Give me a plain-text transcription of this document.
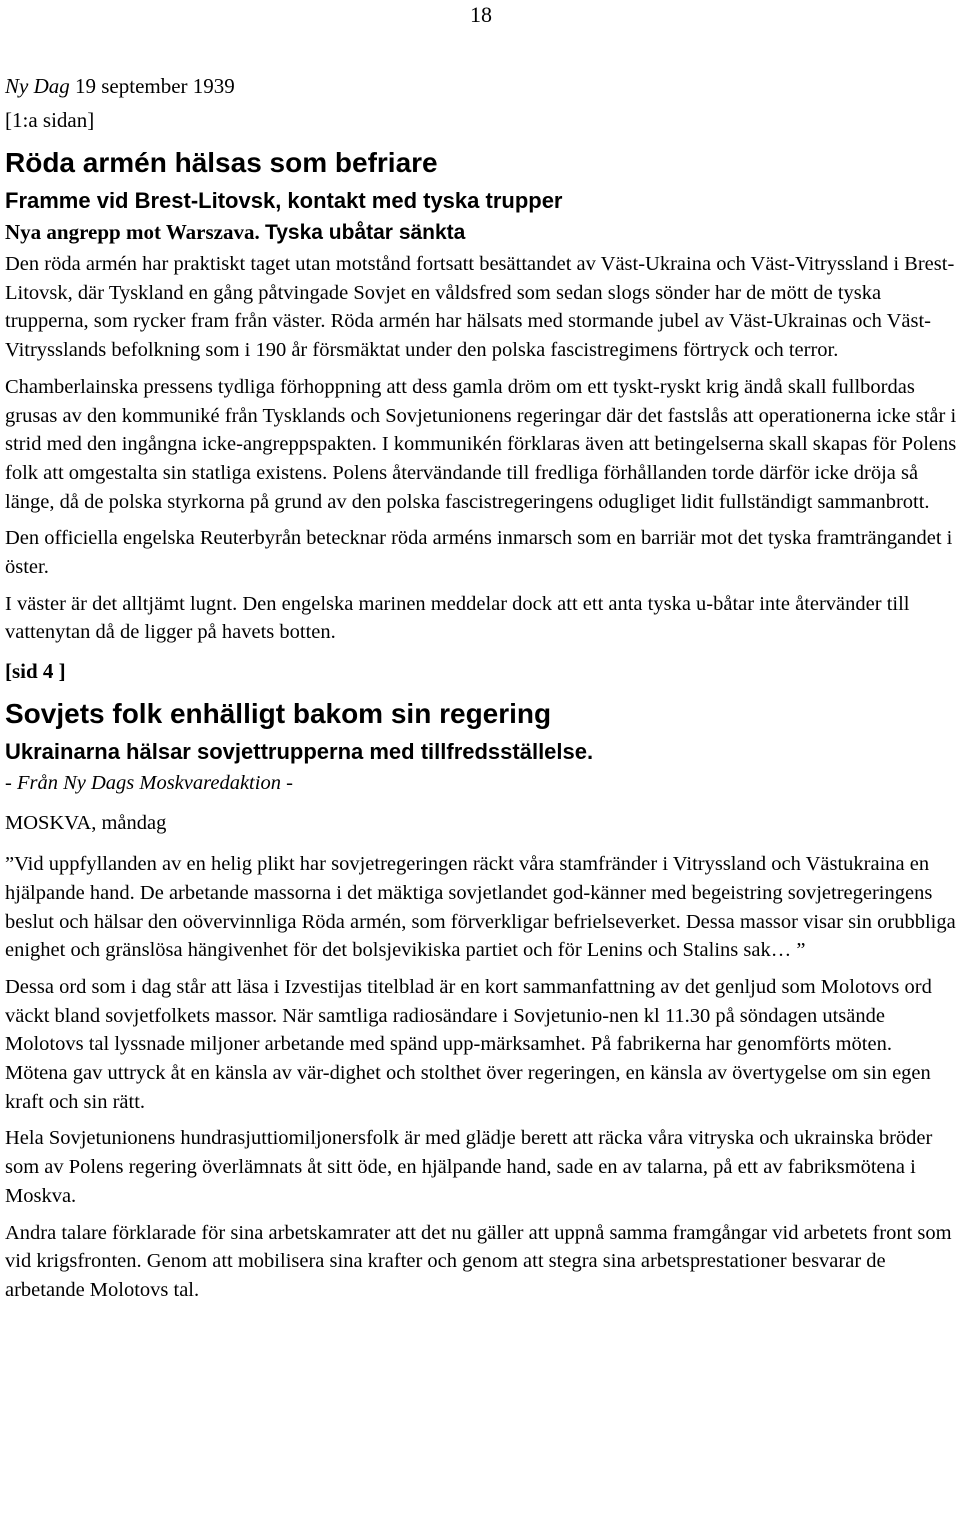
18
Ny Dag 19 september 1939
[1:a sidan]
Röda armén hälsas som befriare
Framme vid Brest-Litovsk, kontakt med tyska trupper
Nya angrepp mot Warszava. Tyska ubåtar sänkta

Den röda armén har praktiskt taget utan motstånd fortsatt besättandet av Väst-Ukraina och Väst-Vitryssland i Brest-Litovsk, där Tyskland en gång påtvingade Sovjet en våldsfred som sedan slogs sönder har de mött de tyska trupperna, som rycker fram från väster. Röda armén har hälsats med stormande jubel av Väst-Ukrainas och Väst-Vitrysslands befolkning som i 190 år försmäktat under den polska fascistregimens förtryck och terror.

Chamberlainska pressens tydliga förhoppning att dess gamla dröm om ett tyskt-ryskt krig ändå skall fullbordas grusas av den kommuniké från Tysklands och Sovjetunionens regeringar där det fastslås att operationerna icke står i strid med den ingångna icke-angreppspakten. I kommunikén förklaras även att betingelserna skall skapas för Polens folk att omgestalta sin statliga existens. Polens återvändande till fredliga förhållanden torde därför icke dröja så länge, då de polska styrkorna på grund av den polska fascistregeringens odugliget lidit fullständigt sammanbrott.

Den officiella engelska Reuterbyrån betecknar röda arméns inmarsch som en barriär mot det tyska framträngandet i öster.

I väster är det alltjämt lugnt. Den engelska marinen meddelar dock att ett anta tyska u-båtar inte återvänder till vattenytan då de ligger på havets botten.

[sid 4 ]
Sovjets folk enhälligt bakom sin regering
Ukrainarna hälsar sovjettrupperna med tillfredsställelse.
- Från Ny Dags Moskvaredaktion -
MOSKVA, måndag

”Vid uppfyllanden av en helig plikt har sovjetregeringen räckt våra stamfränder i Vitryssland och Västukraina en hjälpande hand. De arbetande massorna i det mäktiga sovjetlandet god-känner med begeistring sovjetregeringens beslut och hälsar den oövervinnliga Röda armén, som förverkligar befrielseverket. Dessa massor visar sin orubbliga enighet och gränslösa hängivenhet för det bolsjevikiska partiet och för Lenins och Stalins sak… ”

Dessa ord som i dag står att läsa i Izvestijas titelblad är en kort sammanfattning av det genljud som Molotovs ord väckt bland sovjetfolkets massor. När samtliga radiosändare i Sovjetunio-nen kl 11.30 på söndagen utsände Molotovs tal lyssnade miljoner arbetande med spänd upp-märksamhet. På fabrikerna har genomförts möten. Mötena gav uttryck åt en känsla av vär-dighet och stolthet över regeringen, en känsla av övertygelse om sin egen kraft och sin rätt.

Hela Sovjetunionens hundrasjuttiomiljonersfolk är med glädje berett att räcka våra vitryska och ukrainska bröder som av Polens regering överlämnats åt sitt öde, en hjälpande hand, sade en av talarna, på ett av fabriksmötena i Moskva.

Andra talare förklarade för sina arbetskamrater att det nu gäller att uppnå samma framgångar vid arbetets front som vid krigsfronten. Genom att mobilisera sina krafter och genom att stegra sina arbetsprestationer besvarar de arbetande Molotovs tal.
